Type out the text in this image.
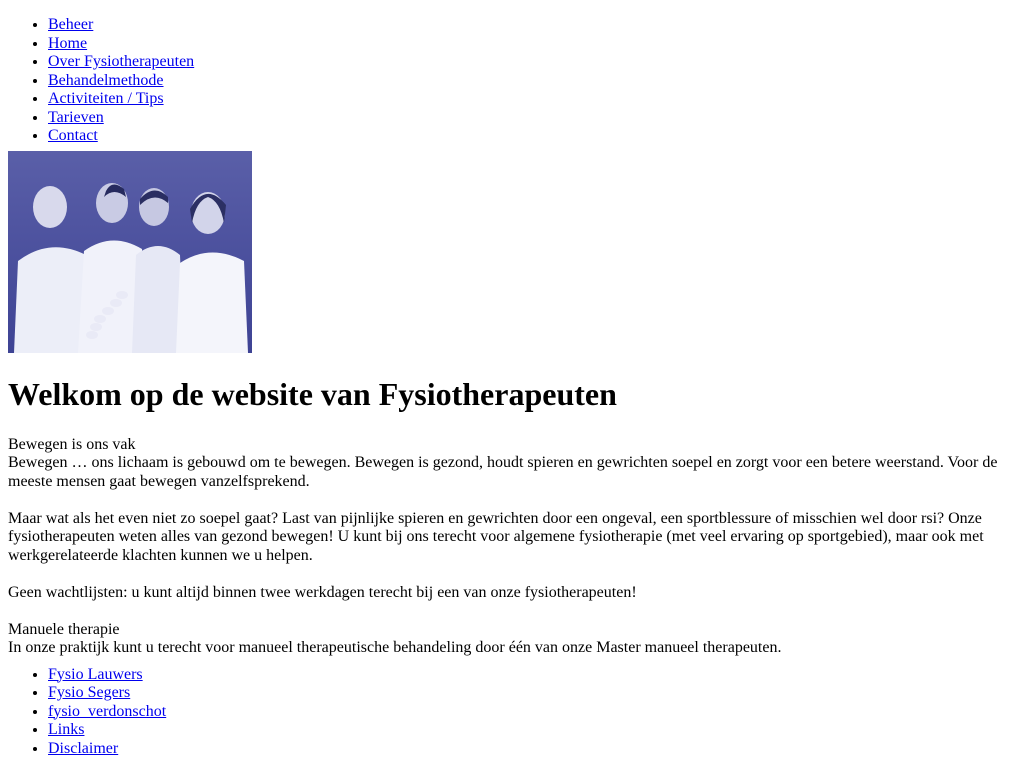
• Beheer
• Home
• Over Fysiotherapeuten
• Behandelmethode
• Activiteiten / Tips
• Tarieven
• Contact
Welkom op de website van Fysiotherapeuten
Bewegen is ons vak

Bewegen … ons lichaam is gebouwd om te bewegen. Bewegen is gezond, houdt spieren en gewrichten soepel en zorgt voor een betere weerstand. Voor de meeste mensen gaat bewegen vanzelfsprekend.

Maar wat als het even niet zo soepel gaat? Last van pijnlijke spieren en gewrichten door een ongeval, een sportblessure of misschien wel door rsi? Onze fysiotherapeuten weten alles van gezond bewegen! U kunt bij ons terecht voor algemene fysiotherapie (met veel ervaring op sportgebied), maar ook met werkgerelateerde klachten kunnen we u helpen.

Geen wachtlijsten: u kunt altijd binnen twee werkdagen terecht bij een van onze fysiotherapeuten!

Manuele therapie
In onze praktijk kunt u terecht voor manueel therapeutische behandeling door één van onze Master manueel therapeuten.
• Fysio Lauwers
• Fysio Segers
• fysio  verdonschot
• Links
• Disclaimer
